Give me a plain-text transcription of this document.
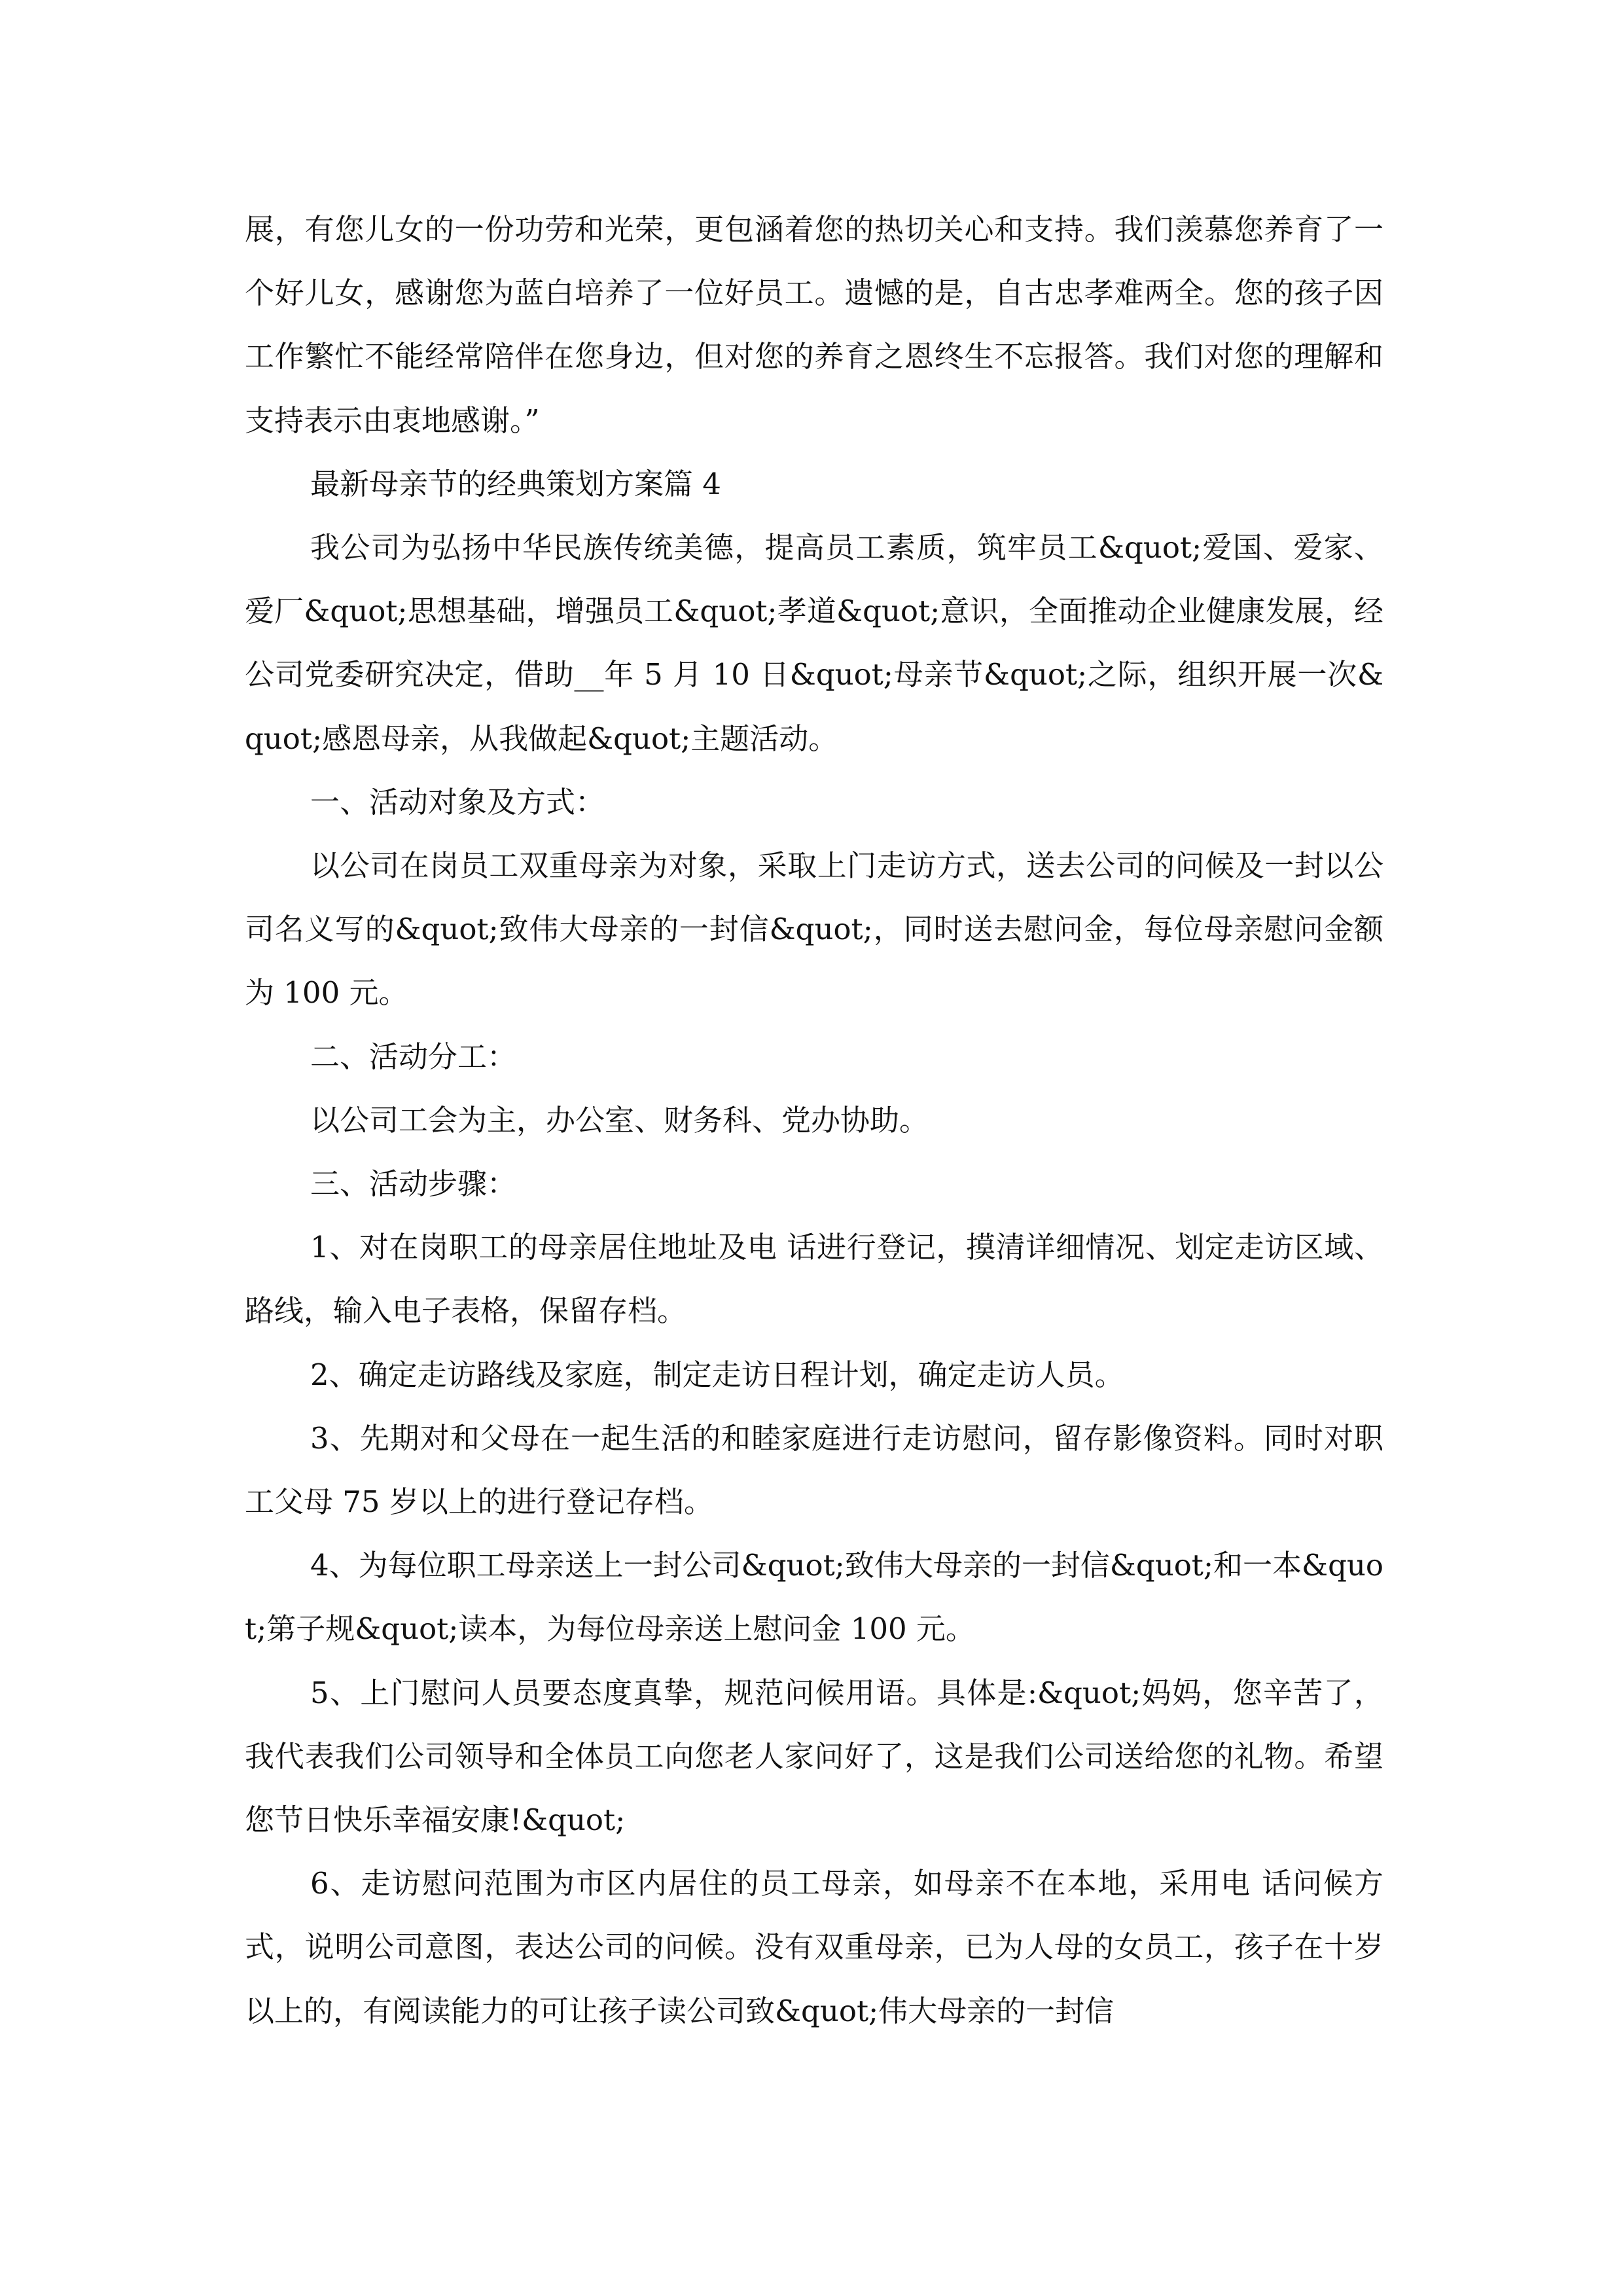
展，有您儿女的一份功劳和光荣，更包涵着您的热切关心和支持。我们羡慕您养育了一个好儿女，感谢您为蓝白培养了一位好员工。遗憾的是，自古忠孝难两全。您的孩子因工作繁忙不能经常陪伴在您身边，但对您的养育之恩终生不忘报答。我们对您的理解和支持表示由衷地感谢。”

最新母亲节的经典策划方案篇 4

我公司为弘扬中华民族传统美德，提高员工素质，筑牢员工&quot;爱国、爱家、爱厂&quot;思想基础，增强员工&quot;孝道&quot;意识，全面推动企业健康发展，经公司党委研究决定，借助__年 5 月 10 日&quot;母亲节&quot;之际，组织开展一次&quot;感恩母亲，从我做起&quot;主题活动。

一、活动对象及方式：

以公司在岗员工双重母亲为对象，采取上门走访方式，送去公司的问候及一封以公司名义写的&quot;致伟大母亲的一封信&quot;，同时送去慰问金，每位母亲慰问金额为 100 元。

二、活动分工：

以公司工会为主，办公室、财务科、党办协助。

三、活动步骤：

1、对在岗职工的母亲居住地址及电 话进行登记，摸清详细情况、划定走访区域、路线，输入电子表格，保留存档。

2、确定走访路线及家庭，制定走访日程计划，确定走访人员。

3、先期对和父母在一起生活的和睦家庭进行走访慰问，留存影像资料。同时对职工父母 75 岁以上的进行登记存档。

4、为每位职工母亲送上一封公司&quot;致伟大母亲的一封信&quot;和一本&quot;第子规&quot;读本，为每位母亲送上慰问金 100 元。

5、上门慰问人员要态度真挚，规范问候用语。具体是:&quot;妈妈，您辛苦了，我代表我们公司领导和全体员工向您老人家问好了，这是我们公司送给您的礼物。希望您节日快乐幸福安康!&quot;

6、走访慰问范围为市区内居住的员工母亲，如母亲不在本地，采用电 话问候方式，说明公司意图，表达公司的问候。没有双重母亲，已为人母的女员工，孩子在十岁以上的，有阅读能力的可让孩子读公司致&quot;伟大母亲的一封信
